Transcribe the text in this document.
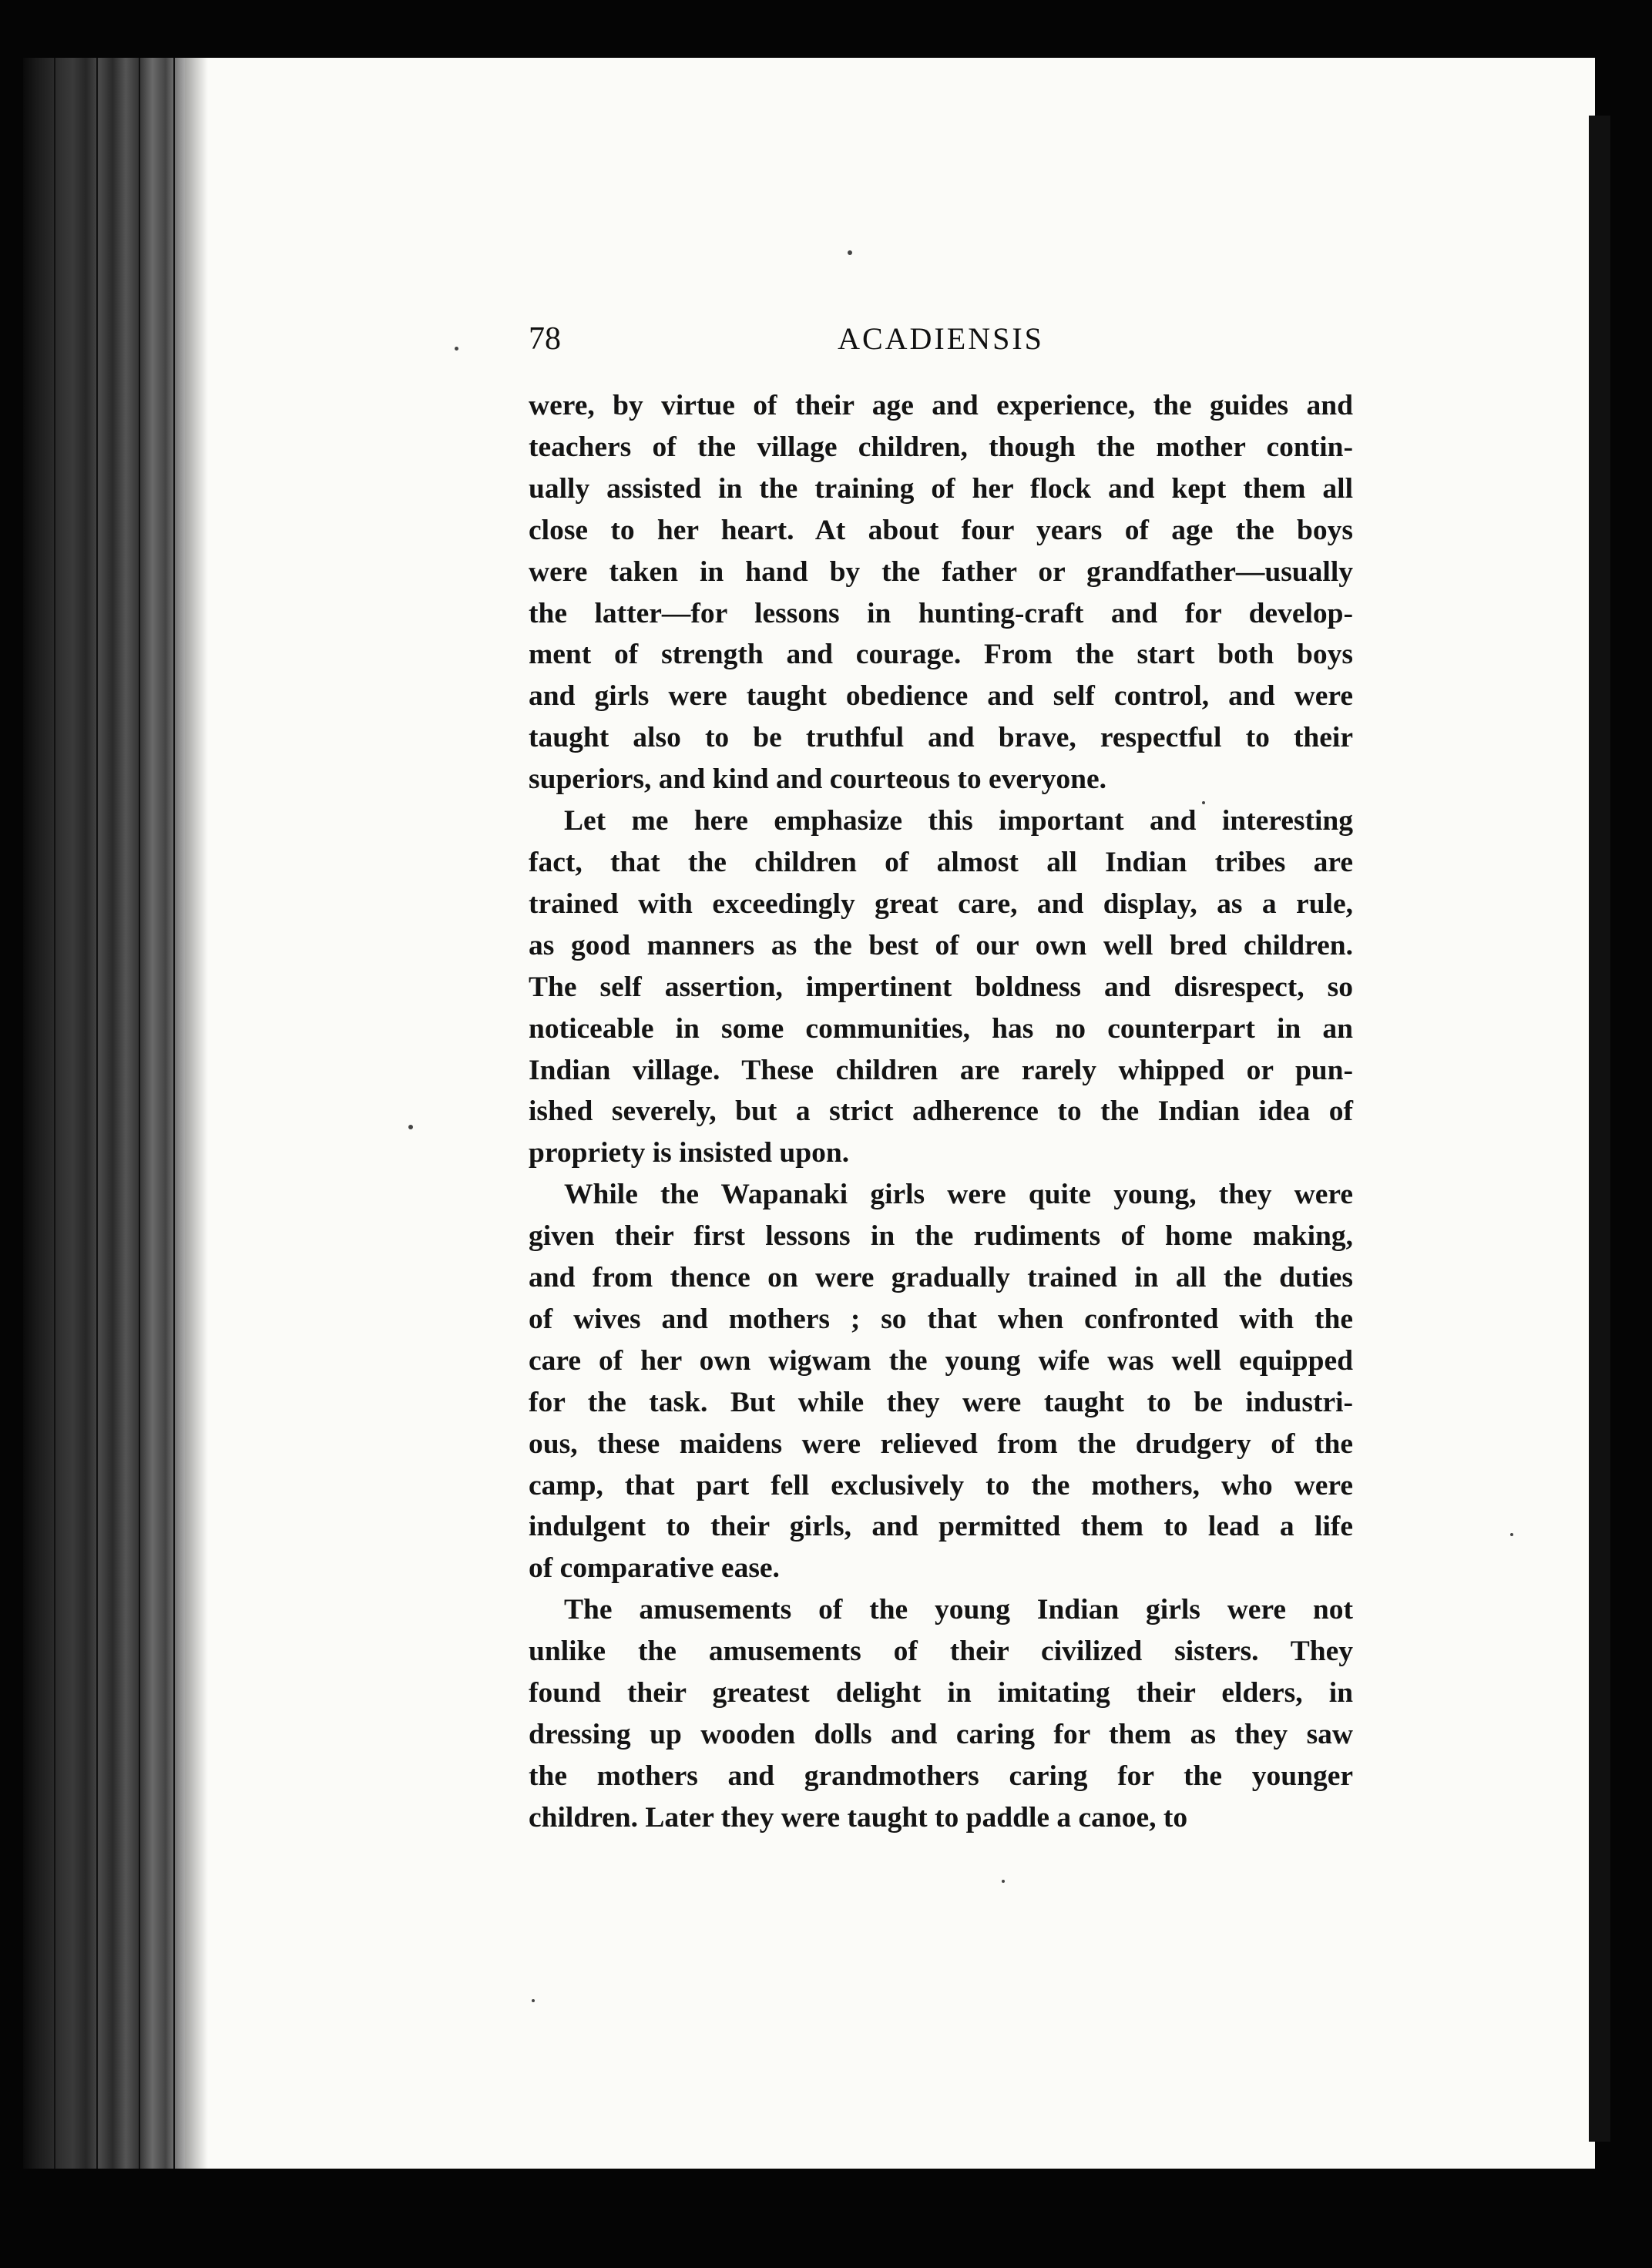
78	ACADIENSIS
were, by virtue of their age and experience, the guides and
teachers of the village children, though the mother contin-
ually assisted in the training of her flock and kept them all
close to her heart. At about four years of age the boys
were taken in hand by the father or grandfather—usually
the latter—for lessons in hunting-craft and for develop-
ment of strength and courage. From the start both boys
and girls were taught obedience and self control, and were
taught also to be truthful and brave, respectful to their
superiors, and kind and courteous to everyone.
Let me here emphasize this important and interesting
fact, that the children of almost all Indian tribes are
trained with exceedingly great care, and display, as a rule,
as good manners as the best of our own well bred children.
The self assertion, impertinent boldness and disrespect, so
noticeable in some communities, has no counterpart in an
Indian village. These children are rarely whipped or pun-
ished severely, but a strict adherence to the Indian idea of
propriety is insisted upon.
While the Wapanaki girls were quite young, they were
given their first lessons in the rudiments of home making,
and from thence on were gradually trained in all the duties
of wives and mothers ; so that when confronted with the
care of her own wigwam the young wife was well equipped
for the task. But while they were taught to be industri-
ous, these maidens were relieved from the drudgery of the
camp, that part fell exclusively to the mothers, who were
indulgent to their girls, and permitted them to lead a life
of comparative ease.
The amusements of the young Indian girls were not
unlike the amusements of their civilized sisters. They
found their greatest delight in imitating their elders, in
dressing up wooden dolls and caring for them as they saw
the mothers and grandmothers caring for the younger
children. Later they were taught to paddle a canoe, to
